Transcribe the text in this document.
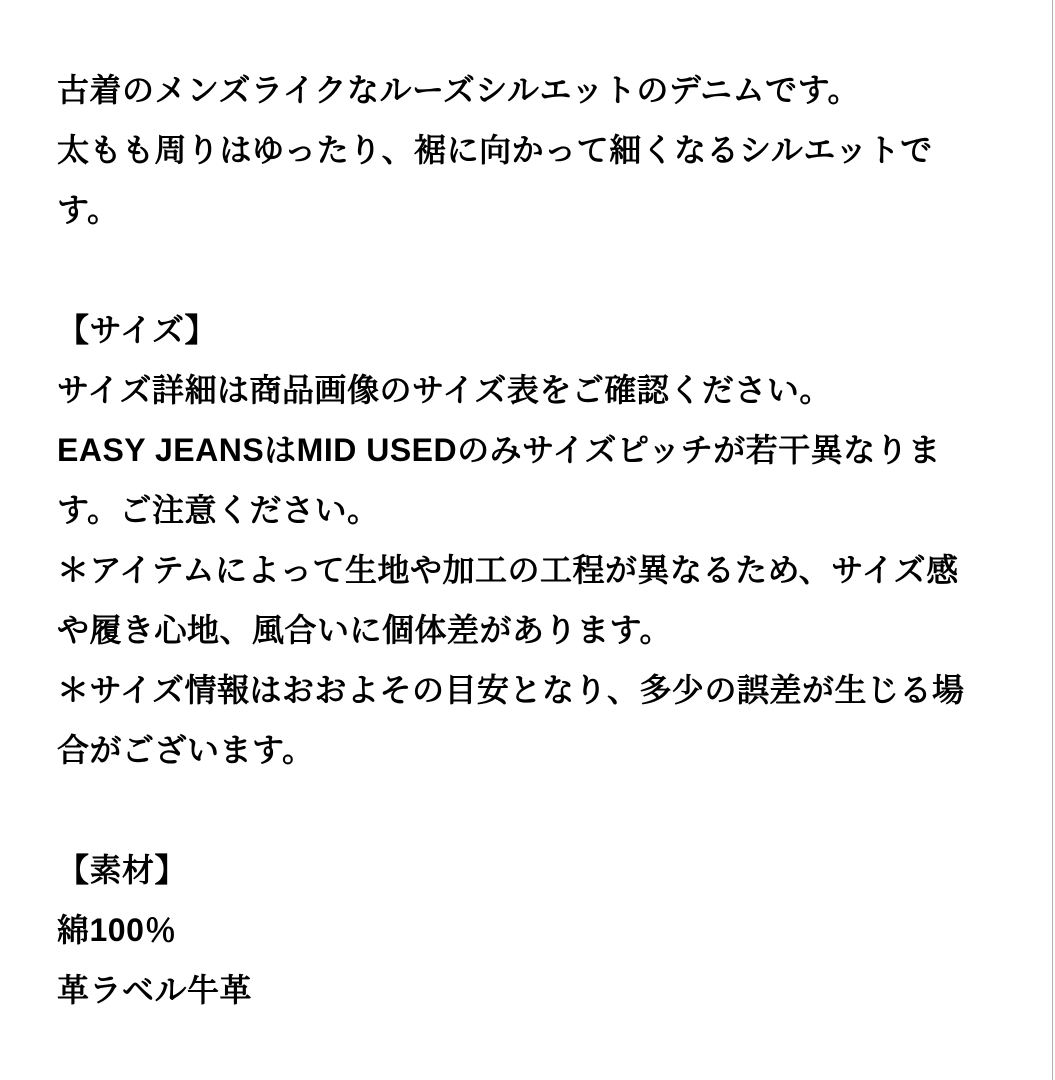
古着のメンズライクなルーズシルエットのデニムです。
太もも周りはゆったり、裾に向かって細くなるシルエットで
す。
【サイズ】
サイズ詳細は商品画像のサイズ表をご確認ください。
EASY JEANSはMID USEDのみサイズピッチが若干異なりま
す。ご注意ください。
＊アイテムによって生地や加工の工程が異なるため、サイズ感
や履き心地、風合いに個体差があります。
＊サイズ情報はおおよその目安となり、多少の誤差が生じる場
合がございます。
【素材】
綿100％
革ラベル牛革
